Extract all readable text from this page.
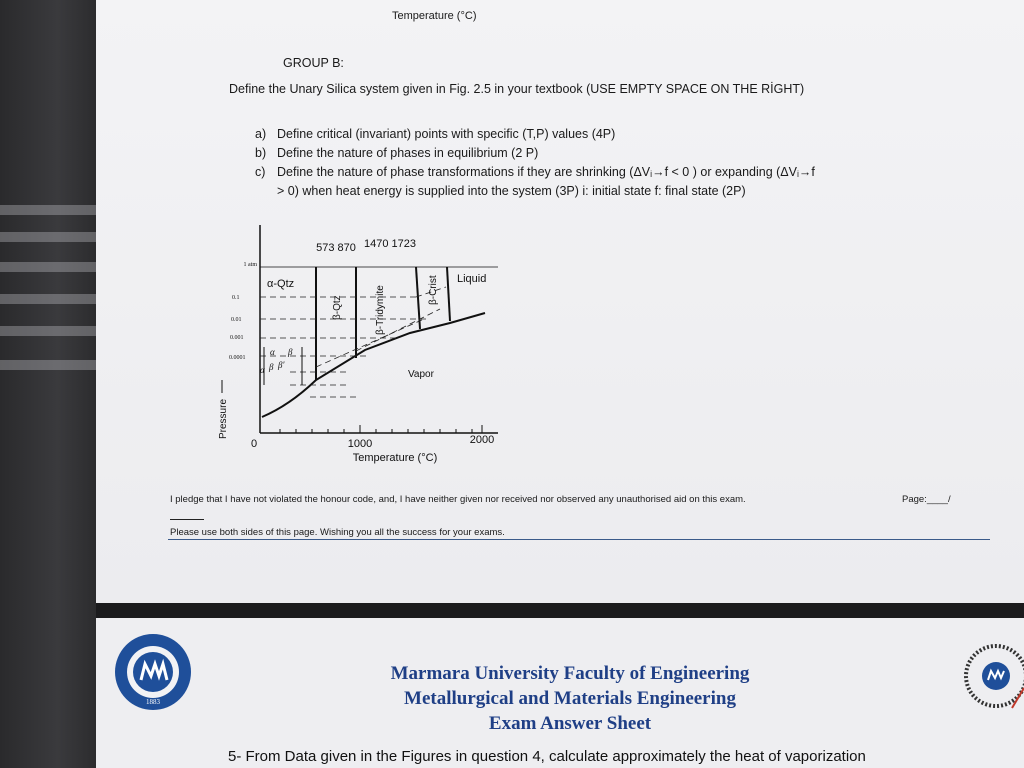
Temperature (°C)
GROUP B:
Define the Unary Silica system given in Fig. 2.5 in your textbook (USE EMPTY SPACE ON THE RİGHT)
a) Define critical (invariant) points with specific (T,P) values (4P)
b) Define the nature of phases in equilibrium (2 P)
c) Define the nature of phase transformations if they are shrinking (ΔVᵢ→f < 0 ) or expanding (ΔVᵢ→f
> 0) when heat energy is supplied into the system (3P) i: initial state f: final state (2P)
1470 1723
573 870
1 atm
0.1
0.01
0.001
0.0001
α-Qtz
β-Qtz	β-Tridymite	β-Crist Liquid
Vapor
α β
α β β'
0	1000	2000
Temperature (°C)
Pressure
I pledge that I have not violated the honour code, and, I have neither given nor received nor observed any unauthorised aid on this exam.	Page:____/
Please use both sides of this page. Wishing you all the success for your exams.
1883
Marmara University Faculty of Engineering
Metallurgical and Materials Engineering
Exam Answer Sheet
5- From Data given in the Figures in question 4, calculate approximately the heat of vaporization
